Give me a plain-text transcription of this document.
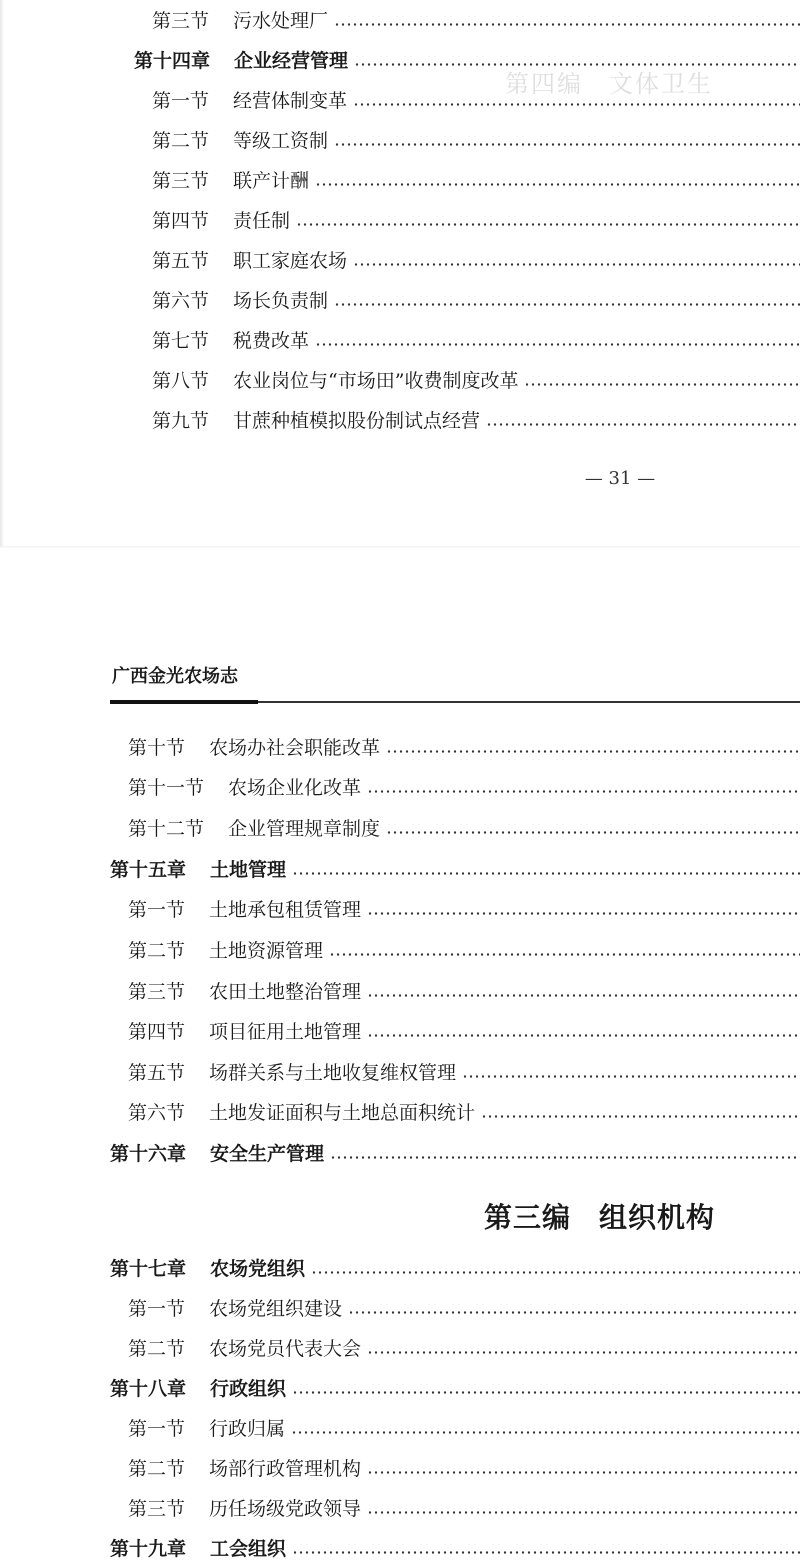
第四编　文体卫生
第三节 污水处理厂
第十四章 企业经营管理
第一节 经营体制变革
第二节 等级工资制
第三节 联产计酬
第四节 责任制
第五节 职工家庭农场
第六节 场长负责制
第七节 税费改革
第八节 农业岗位与“市场田”收费制度改革
第九节 甘蔗种植模拟股份制试点经营
— 31 —
广西金光农场志
第十节 农场办社会职能改革
第十一节 农场企业化改革
第十二节 企业管理规章制度
第十五章 土地管理
第一节 土地承包租赁管理
第二节 土地资源管理
第三节 农田土地整治管理
第四节 项目征用土地管理
第五节 场群关系与土地收复维权管理
第六节 土地发证面积与土地总面积统计
第十六章 安全生产管理
第三编 组织机构
第十七章 农场党组织
第一节 农场党组织建设
第二节 农场党员代表大会
第十八章 行政组织
第一节 行政归属
第二节 场部行政管理机构
第三节 历任场级党政领导
第十九章 工会组织
